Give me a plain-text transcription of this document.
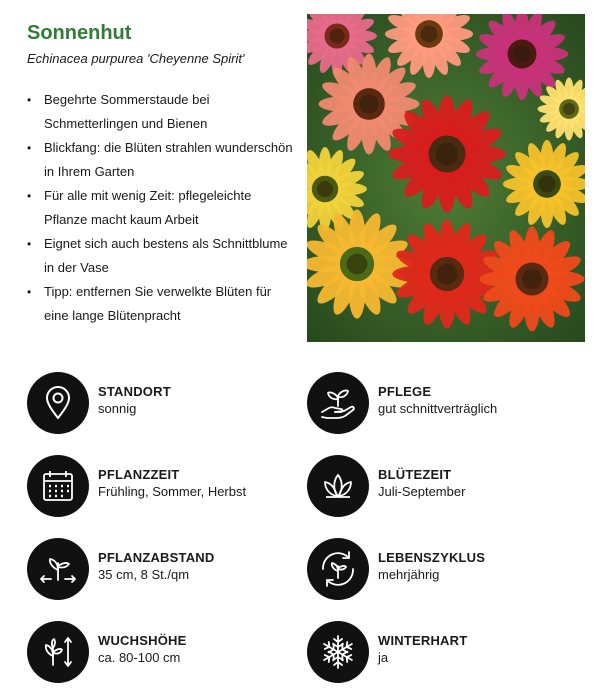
Sonnenhut

Echinacea purpurea 'Cheyenne Spirit'

• Begehrte Sommerstaude bei
Schmetterlingen und Bienen
• Blickfang: die Blüten strahlen wunderschön
in Ihrem Garten
• Für alle mit wenig Zeit: pflegeleichte
Pflanze macht kaum Arbeit
• Eignet sich auch bestens als Schnittblume
in der Vase
• Tipp: entfernen Sie verwelkte Blüten für
eine lange Blütenpracht
STANDORT
sonnig
PFLEGE
gut schnittverträglich
PFLANZZEIT
Frühling, Sommer, Herbst
BLÜTEZEIT
Juli-September
PFLANZABSTAND
35 cm, 8 St./qm
LEBENSZYKLUS
mehrjährig
WUCHSHÖHE
ca. 80-100 cm
WINTERHART
ja
